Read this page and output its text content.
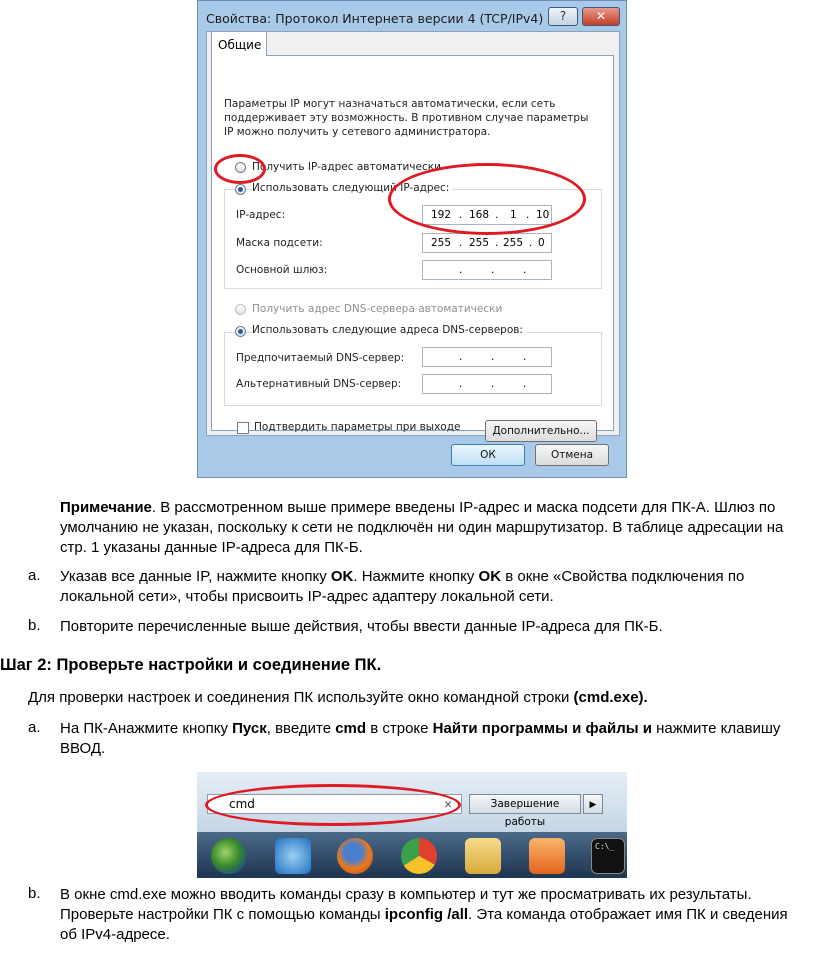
Свойства: Протокол Интернета версии 4 (TCP/IPv4)	?	✕
Параметры IP могут назначаться автоматически, если сеть поддерживает эту возможность. В противном случае параметры IP можно получить у сетевого администратора.
Получить IP-адрес автоматически
Использовать следующий IP-адрес:
IP-адрес:	192 . 168 . 1 . 10
Маска подсети:	255 . 255 . 255 . 0
Основной шлюз:	.	.	.
Получить адрес DNS-сервера автоматически
Использовать следующие адреса DNS-серверов:
Предпочитаемый DNS-сервер:	.	.	.
Альтернативный DNS-сервер:	.	.	.
Подтвердить параметры при выходе	Дополнительно...
Общие
ОК	Отмена
Примечание. В рассмотренном выше примере введены IP-адрес и маска подсети для ПК-А. Шлюз по умолчанию не указан, поскольку к сети не подключён ни один маршрутизатор. В таблице адресации на стр. 1 указаны данные IP-адреса для ПК-Б.
a. Указав все данные IP, нажмите кнопку OK. Нажмите кнопку OK в окне «Свойства подключения по локальной сети», чтобы присвоить IP-адрес адаптеру локальной сети.
b. Повторите перечисленные выше действия, чтобы ввести данные IP-адреса для ПК-Б.
Шаг 2: Проверьте настройки и соединение ПК.
Для проверки настроек и соединения ПК используйте окно командной строки (cmd.exe).
a. На ПК-Анажмите кнопку Пуск, введите cmd в строке Найти программы и файлы и нажмите клавишу ВВОД.
cmd	×	Завершение работы
▶
C:\_
b. В окне cmd.exe можно вводить команды сразу в компьютер и тут же просматривать их результаты. Проверьте настройки ПК с помощью команды ipconfig /all. Эта команда отображает имя ПК и сведения об IPv4-адресе.
